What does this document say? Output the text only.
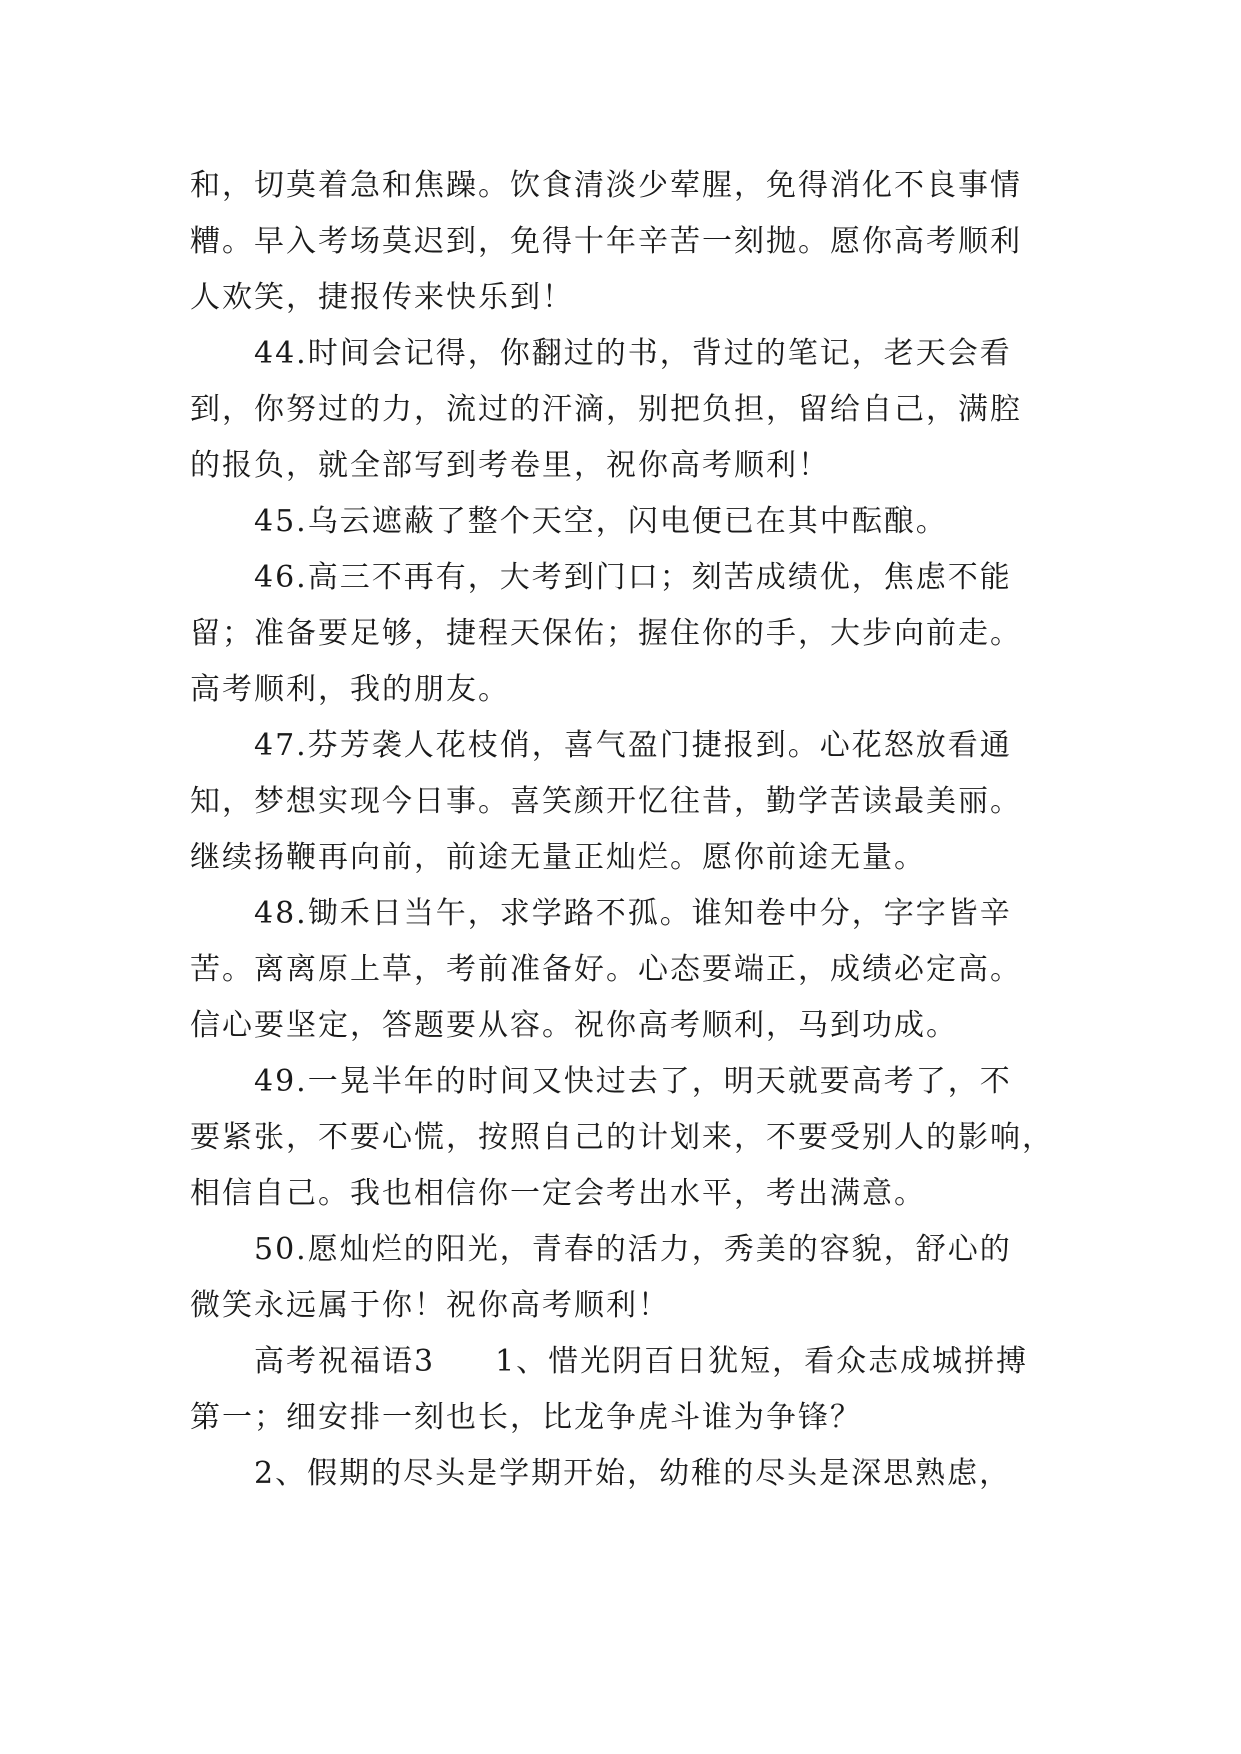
和，切莫着急和焦躁。饮食清淡少荤腥，免得消化不良事情
糟。早入考场莫迟到，免得十年辛苦一刻抛。愿你高考顺利
人欢笑，捷报传来快乐到！
44.时间会记得，你翻过的书，背过的笔记，老天会看
到，你努过的力，流过的汗滴，别把负担，留给自己，满腔
的报负，就全部写到考卷里，祝你高考顺利！
45.乌云遮蔽了整个天空，闪电便已在其中酝酿。
46.高三不再有，大考到门口；刻苦成绩优，焦虑不能
留；准备要足够，捷程天保佑；握住你的手，大步向前走。
高考顺利，我的朋友。
47.芬芳袭人花枝俏，喜气盈门捷报到。心花怒放看通
知，梦想实现今日事。喜笑颜开忆往昔，勤学苦读最美丽。
继续扬鞭再向前，前途无量正灿烂。愿你前途无量。
48.锄禾日当午，求学路不孤。谁知卷中分，字字皆辛
苦。离离原上草，考前准备好。心态要端正，成绩必定高。
信心要坚定，答题要从容。祝你高考顺利，马到功成。
49.一晃半年的时间又快过去了，明天就要高考了，不
要紧张，不要心慌，按照自己的计划来，不要受别人的影响，
相信自己。我也相信你一定会考出水平，考出满意。
50.愿灿烂的阳光，青春的活力，秀美的容貌，舒心的
微笑永远属于你！祝你高考顺利！
高考祝福语3 1、惜光阴百日犹短，看众志成城拼搏
第一；细安排一刻也长，比龙争虎斗谁为争锋？
2、假期的尽头是学期开始，幼稚的尽头是深思熟虑，
